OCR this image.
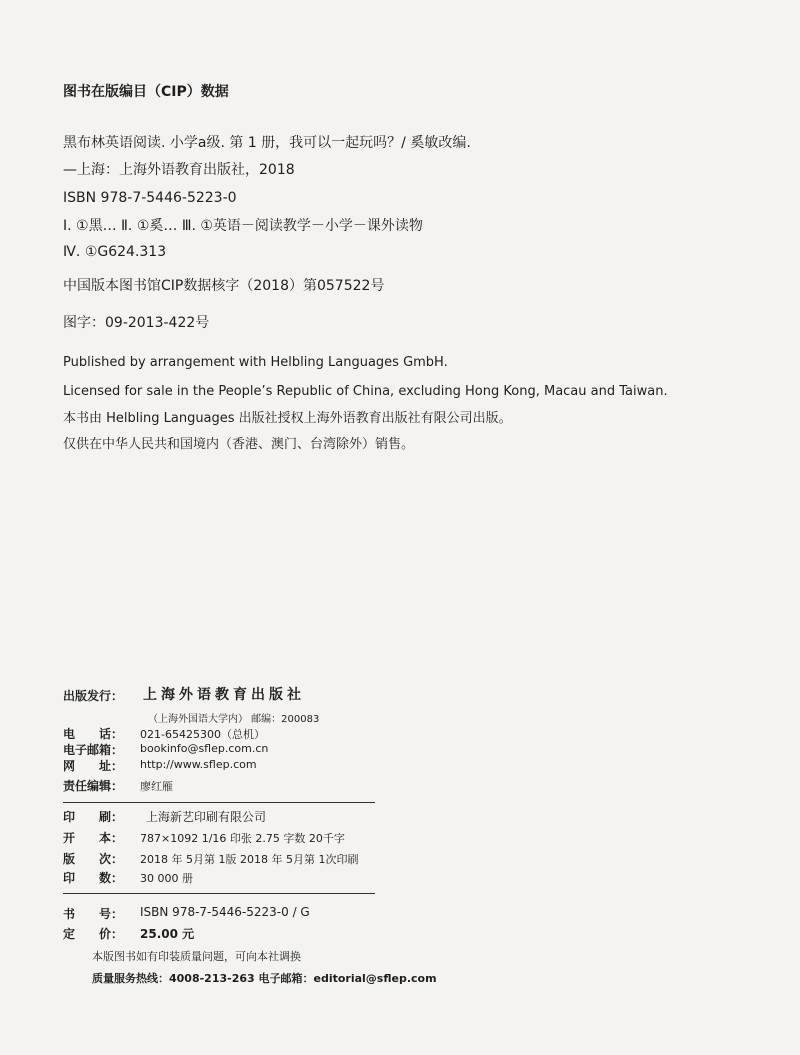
图书在版编目（CIP）数据
黑布林英语阅读. 小学a级. 第 1 册，我可以一起玩吗？/ 奚敏改编.
—上海：上海外语教育出版社，2018
ISBN 978-7-5446-5223-0
Ⅰ. ①黑… Ⅱ. ①奚… Ⅲ. ①英语－阅读教学－小学－课外读物
Ⅳ. ①G624.313
中国版本图书馆CIP数据核字（2018）第057522号
图字：09-2013-422号
Published by arrangement with Helbling Languages GmbH.
Licensed for sale in the People’s Republic of China, excluding Hong Kong, Macau and Taiwan.
本书由 Helbling Languages 出版社授权上海外语教育出版社有限公司出版。
仅供在中华人民共和国境内（香港、澳门、台湾除外）销售。
出版发行： 上海外语教育出版社
（上海外国语大学内） 邮编：200083
电　　话： 021-65425300（总机）
电子邮箱： bookinfo@sflep.com.cn
网　　址： http://www.sflep.com
责任编辑： 廖红雁
印　　刷： 上海新艺印刷有限公司
开　　本： 787×1092 1/16 印张 2.75 字数 20千字
版　　次： 2018 年 5月第 1版 2018 年 5月第 1次印刷
印　　数： 30 000 册
书　　号： ISBN 978-7-5446-5223-0 / G
定　　价： 25.00 元
本版图书如有印装质量问题，可向本社调换
质量服务热线：4008-213-263 电子邮箱：editorial@sflep.com
